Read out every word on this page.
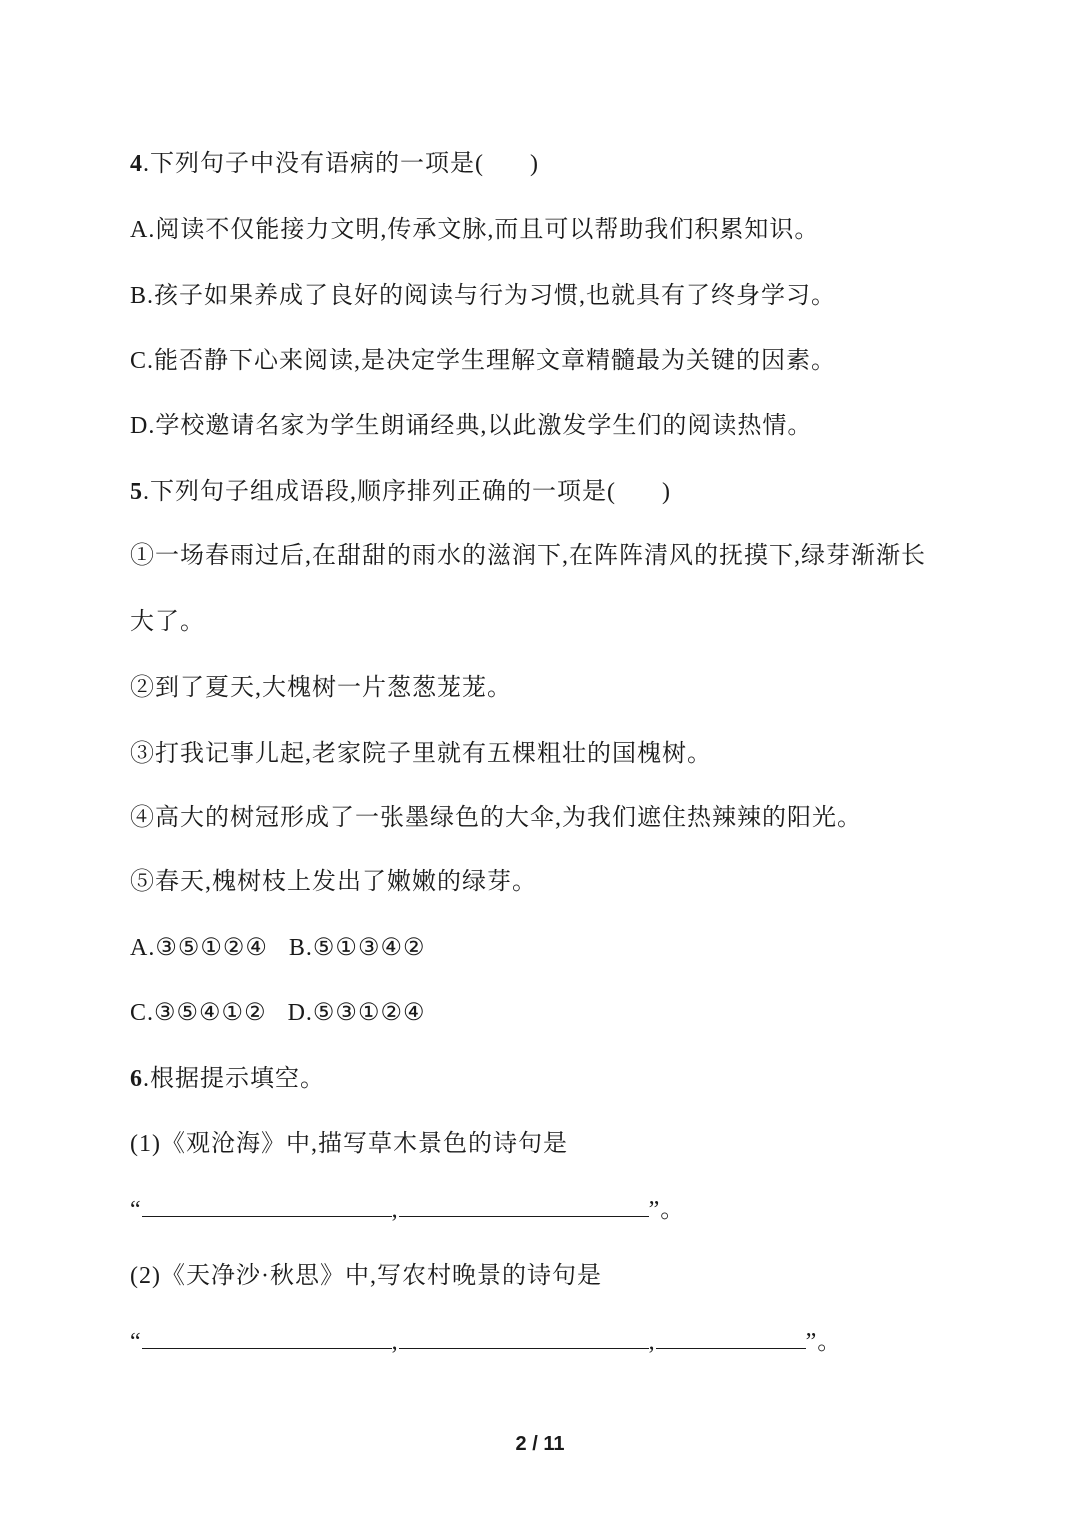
4.下列句子中没有语病的一项是( )
A.阅读不仅能接力文明,传承文脉,而且可以帮助我们积累知识。
B.孩子如果养成了良好的阅读与行为习惯,也就具有了终身学习。
C.能否静下心来阅读,是决定学生理解文章精髓最为关键的因素。
D.学校邀请名家为学生朗诵经典,以此激发学生们的阅读热情。
5.下列句子组成语段,顺序排列正确的一项是( )
①一场春雨过后,在甜甜的雨水的滋润下,在阵阵清风的抚摸下,绿芽渐渐长
大了。
②到了夏天,大槐树一片葱葱茏茏。
③打我记事儿起,老家院子里就有五棵粗壮的国槐树。
④高大的树冠形成了一张墨绿色的大伞,为我们遮住热辣辣的阳光。
⑤春天,槐树枝上发出了嫩嫩的绿芽。
A.③⑤①②④   B.⑤①③④②
C.③⑤④①②   D.⑤③①②④
6.根据提示填空。
(1)《观沧海》中,描写草木景色的诗句是
“	,	”。
(2)《天净沙·秋思》中,写农村晚景的诗句是
“	,	,	”。
2 / 11
